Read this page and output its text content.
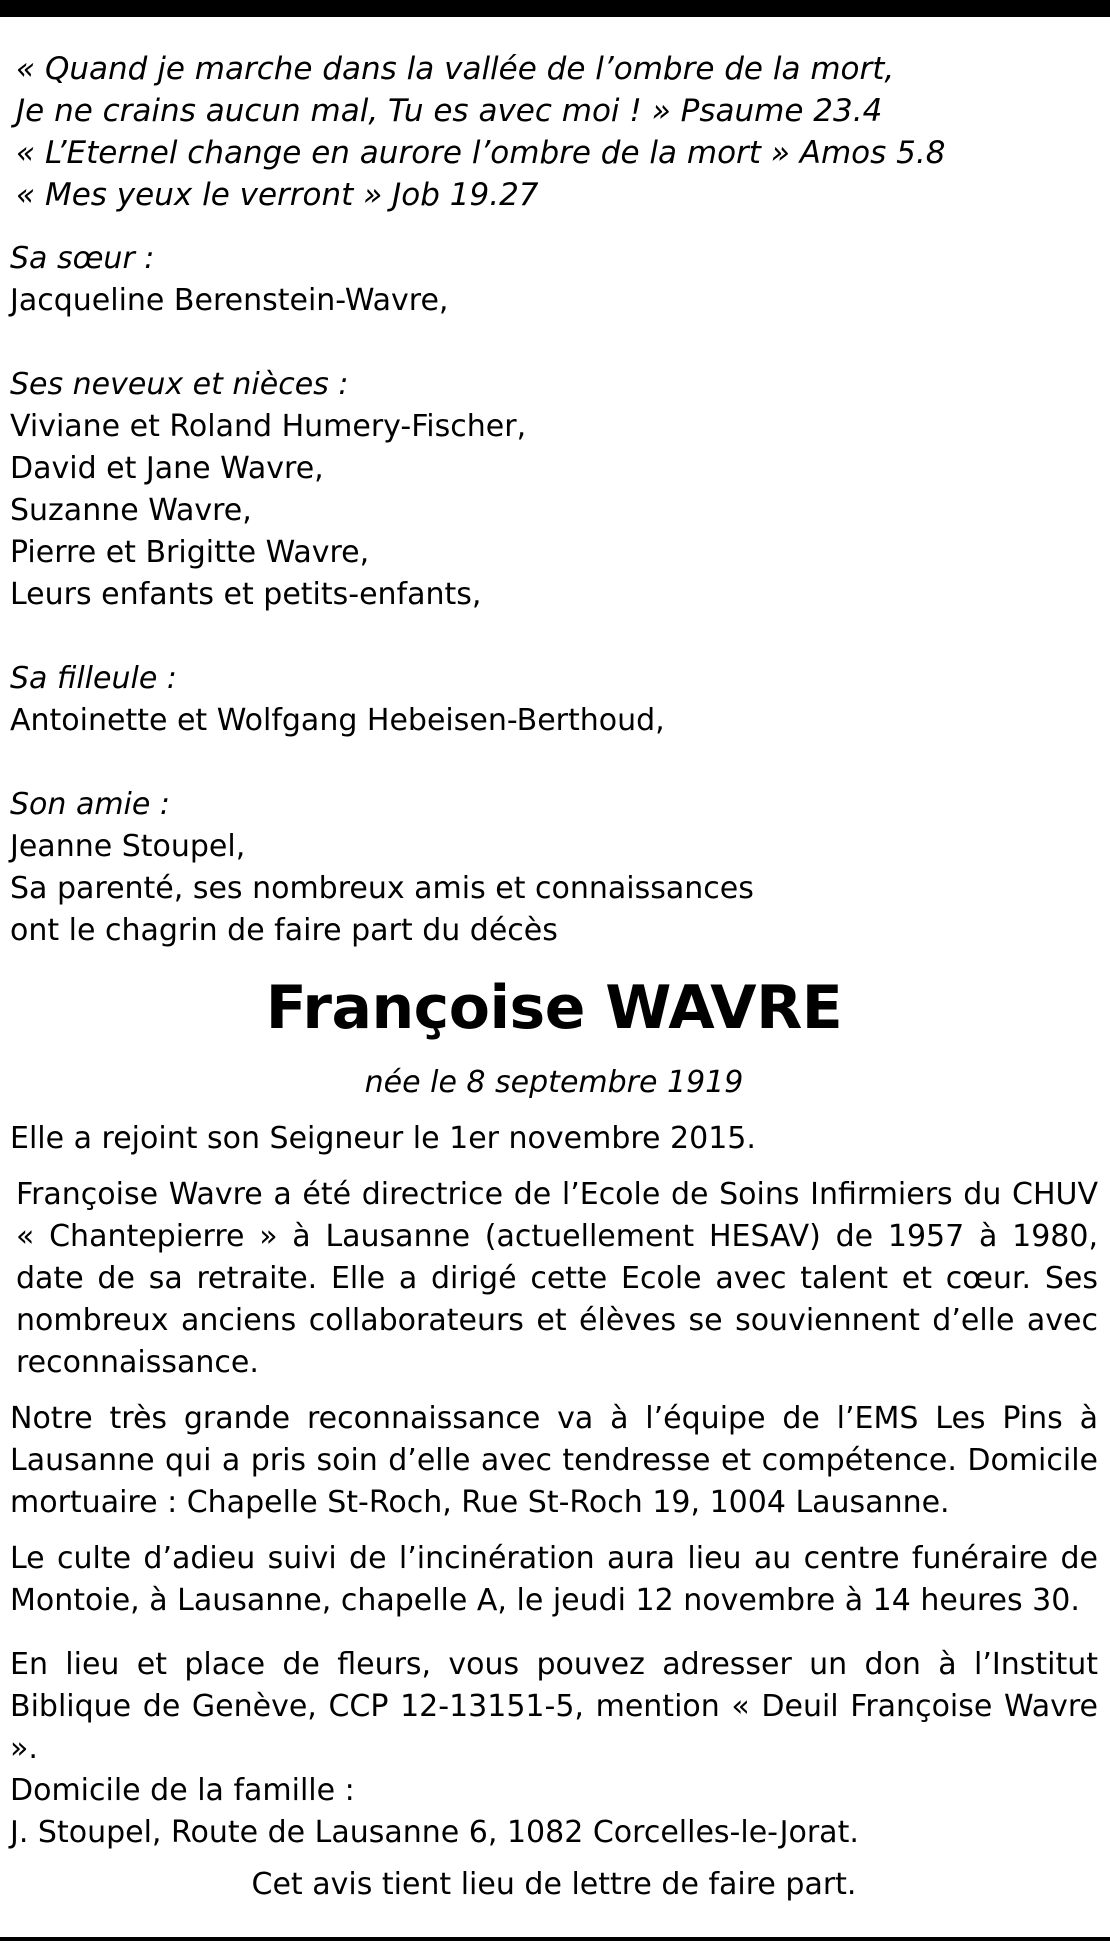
« Quand je marche dans la vallée de l’ombre de la mort,
Je ne crains aucun mal, Tu es avec moi ! » Psaume 23.4
« L’Eternel change en aurore l’ombre de la mort » Amos 5.8
« Mes yeux le verront » Job 19.27
Sa sœur :
Jacqueline Berenstein-Wavre,
Ses neveux et nièces :
Viviane et Roland Humery-Fischer,
David et Jane Wavre,
Suzanne Wavre,
Pierre et Brigitte Wavre,
Leurs enfants et petits-enfants,
Sa filleule :
Antoinette et Wolfgang Hebeisen-Berthoud,
Son amie :
Jeanne Stoupel,
Sa parenté, ses nombreux amis et connaissances
ont le chagrin de faire part du décès
Françoise WAVRE
née le 8 septembre 1919

Elle a rejoint son Seigneur le 1er novembre 2015.

Françoise Wavre a été directrice de l’Ecole de Soins Infirmiers du CHUV « Chantepierre » à Lausanne (actuellement HESAV) de 1957 à 1980, date de sa retraite. Elle a dirigé cette Ecole avec talent et cœur. Ses nombreux anciens collaborateurs et élèves se souviennent d’elle avec reconnaissance.

Notre très grande reconnaissance va à l’équipe de l’EMS Les Pins à Lausanne qui a pris soin d’elle avec tendresse et compétence. Domicile mortuaire : Chapelle St-Roch, Rue St-Roch 19, 1004 Lausanne.

Le culte d’adieu suivi de l’incinération aura lieu au centre funéraire de Montoie, à Lausanne, chapelle A, le jeudi 12 novembre à 14 heures 30.

En lieu et place de fleurs, vous pouvez adresser un don à l’Institut Biblique de Genève, CCP 12-13151-5, mention « Deuil Françoise Wavre ».
Domicile de la famille :
J. Stoupel, Route de Lausanne 6, 1082 Corcelles-le-Jorat.

Cet avis tient lieu de lettre de faire part.
